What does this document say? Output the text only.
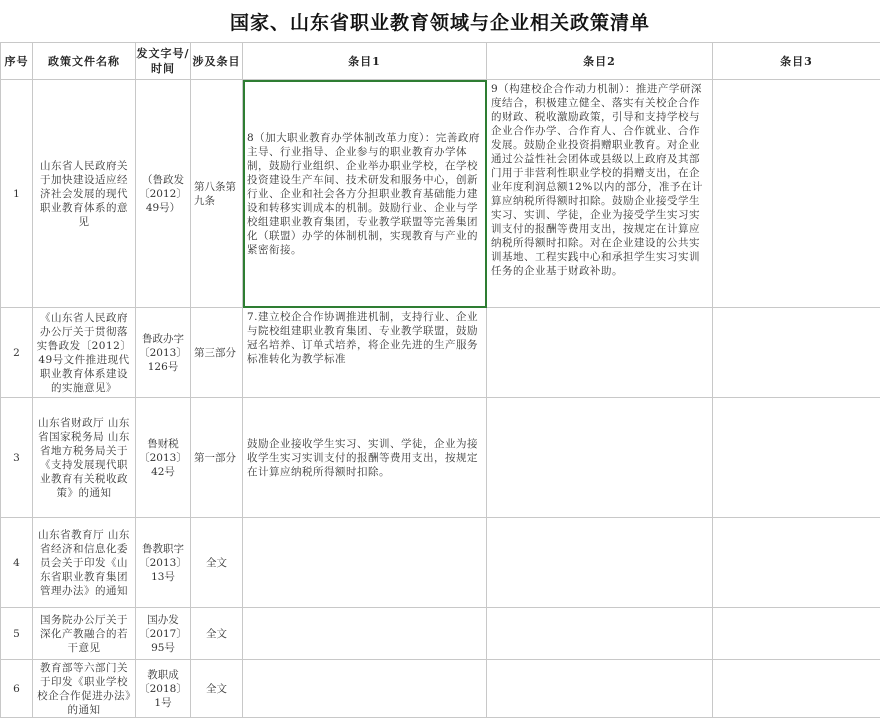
国家、山东省职业教育领域与企业相关政策清单
序号	政策文件名称	发文字号/时间	涉及条目	条目1	条目2	条目3
1	山东省人民政府关于加快建设适应经济社会发展的现代职业教育体系的意见	（鲁政发〔2012〕49号）	第八条第九条	8（加大职业教育办学体制改革力度）：完善政府主导、行业指导、企业参与的职业教育办学体制，鼓励行业组织、企业举办职业学校，在学校投资建设生产车间、技术研发和服务中心，创新行业、企业和社会各方分担职业教育基础能力建设和转移实训成本的机制。鼓励行业、企业与学校组建职业教育集团，专业教学联盟等完善集团化（联盟）办学的体制机制，实现教育与产业的紧密衔接。	9（构建校企合作动力机制）：推进产学研深度结合，积极建立健全、落实有关校企合作的财政、税收激励政策，引导和支持学校与企业合作办学、合作育人、合作就业、合作发展。鼓励企业投资捐赠职业教育。对企业通过公益性社会团体或县级以上政府及其部门用于非营利性职业学校的捐赠支出，在企业年度利润总额12%以内的部分，准予在计算应纳税所得额时扣除。鼓励企业接受学生实习、实训、学徒，企业为接受学生实习实训支付的报酬等费用支出，按规定在计算应纳税所得额时扣除。对在企业建设的公共实训基地、工程实践中心和承担学生实习实训任务的企业基于财政补助。	
2	《山东省人民政府办公厅关于贯彻落实鲁政发〔2012〕49号文件推进现代职业教育体系建设的实施意见》	鲁政办字〔2013〕126号	第三部分	7.建立校企合作协调推进机制，支持行业、企业与院校组建职业教育集团、专业教学联盟，鼓励冠名培养、订单式培养，将企业先进的生产服务标准转化为教学标准		
3	山东省财政厅 山东省国家税务局 山东省地方税务局关于《支持发展现代职业教育有关税收政策》的通知	鲁财税〔2013〕42号	第一部分	鼓励企业接收学生实习、实训、学徒，企业为接收学生实习实训支付的报酬等费用支出，按规定在计算应纳税所得额时扣除。		
4	山东省教育厅 山东省经济和信息化委员会关于印发《山东省职业教育集团管理办法》的通知	鲁教职字〔2013〕13号	全文			
5	国务院办公厅关于深化产教融合的若干意见	国办发〔2017〕95号	全文			
6	教育部等六部门关于印发《职业学校校企合作促进办法》的通知	教职成〔2018〕1号	全文			
